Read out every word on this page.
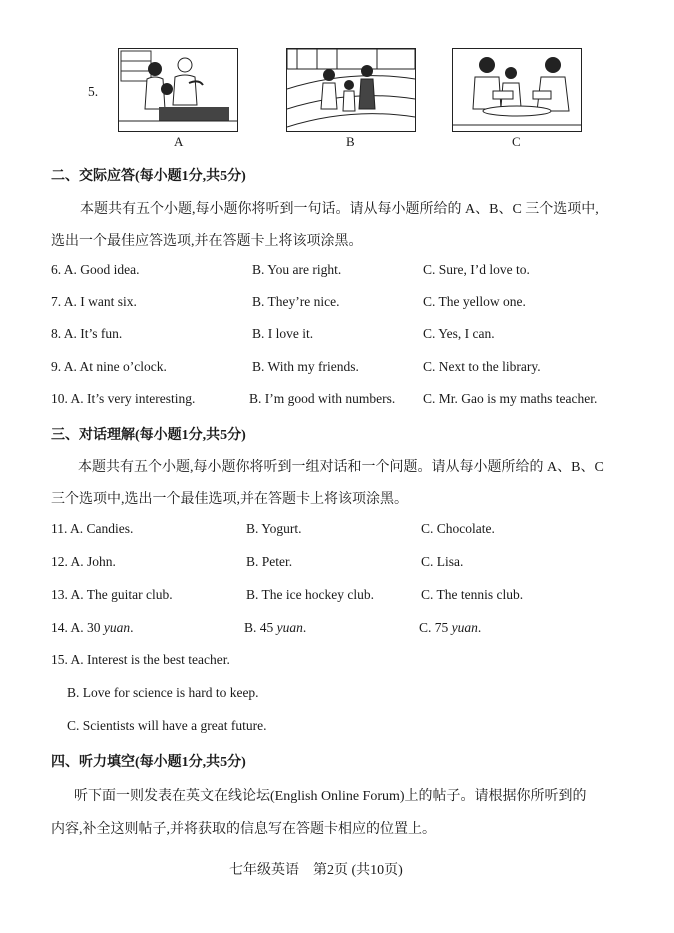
5.
A	B	C
二、交际应答(每小题1分,共5分)
本题共有五个小题,每小题你将听到一句话。请从每小题所给的 A、B、C 三个选项中,
选出一个最佳应答选项,并在答题卡上将该项涂黑。
6. A. Good idea.	B. You are right.	C. Sure, I’d love to.
7. A. I want six.	B. They’re nice.	C. The yellow one.
8. A. It’s fun.	B. I love it.	C. Yes, I can.
9. A. At nine o’clock.	B. With my friends.	C. Next to the library.
10. A. It’s very interesting.	B. I’m good with numbers. C. Mr. Gao is my maths teacher.
三、对话理解(每小题1分,共5分)
本题共有五个小题,每小题你将听到一组对话和一个问题。请从每小题所给的 A、B、C
三个选项中,选出一个最佳选项,并在答题卡上将该项涂黑。
11. A. Candies.	B. Yogurt.	C. Chocolate.
12. A. John.	B. Peter.	C. Lisa.
13. A. The guitar club.	B. The ice hockey club.	C. The tennis club.
14. A. 30 yuan.	B. 45 yuan.	C. 75 yuan.
15. A. Interest is the best teacher.
B. Love for science is hard to keep.
C. Scientists will have a great future.
四、听力填空(每小题1分,共5分)
听下面一则发表在英文在线论坛(English Online Forum)上的帖子。请根据你所听到的
内容,补全这则帖子,并将获取的信息写在答题卡相应的位置上。
七年级英语　第2页 (共10页)
